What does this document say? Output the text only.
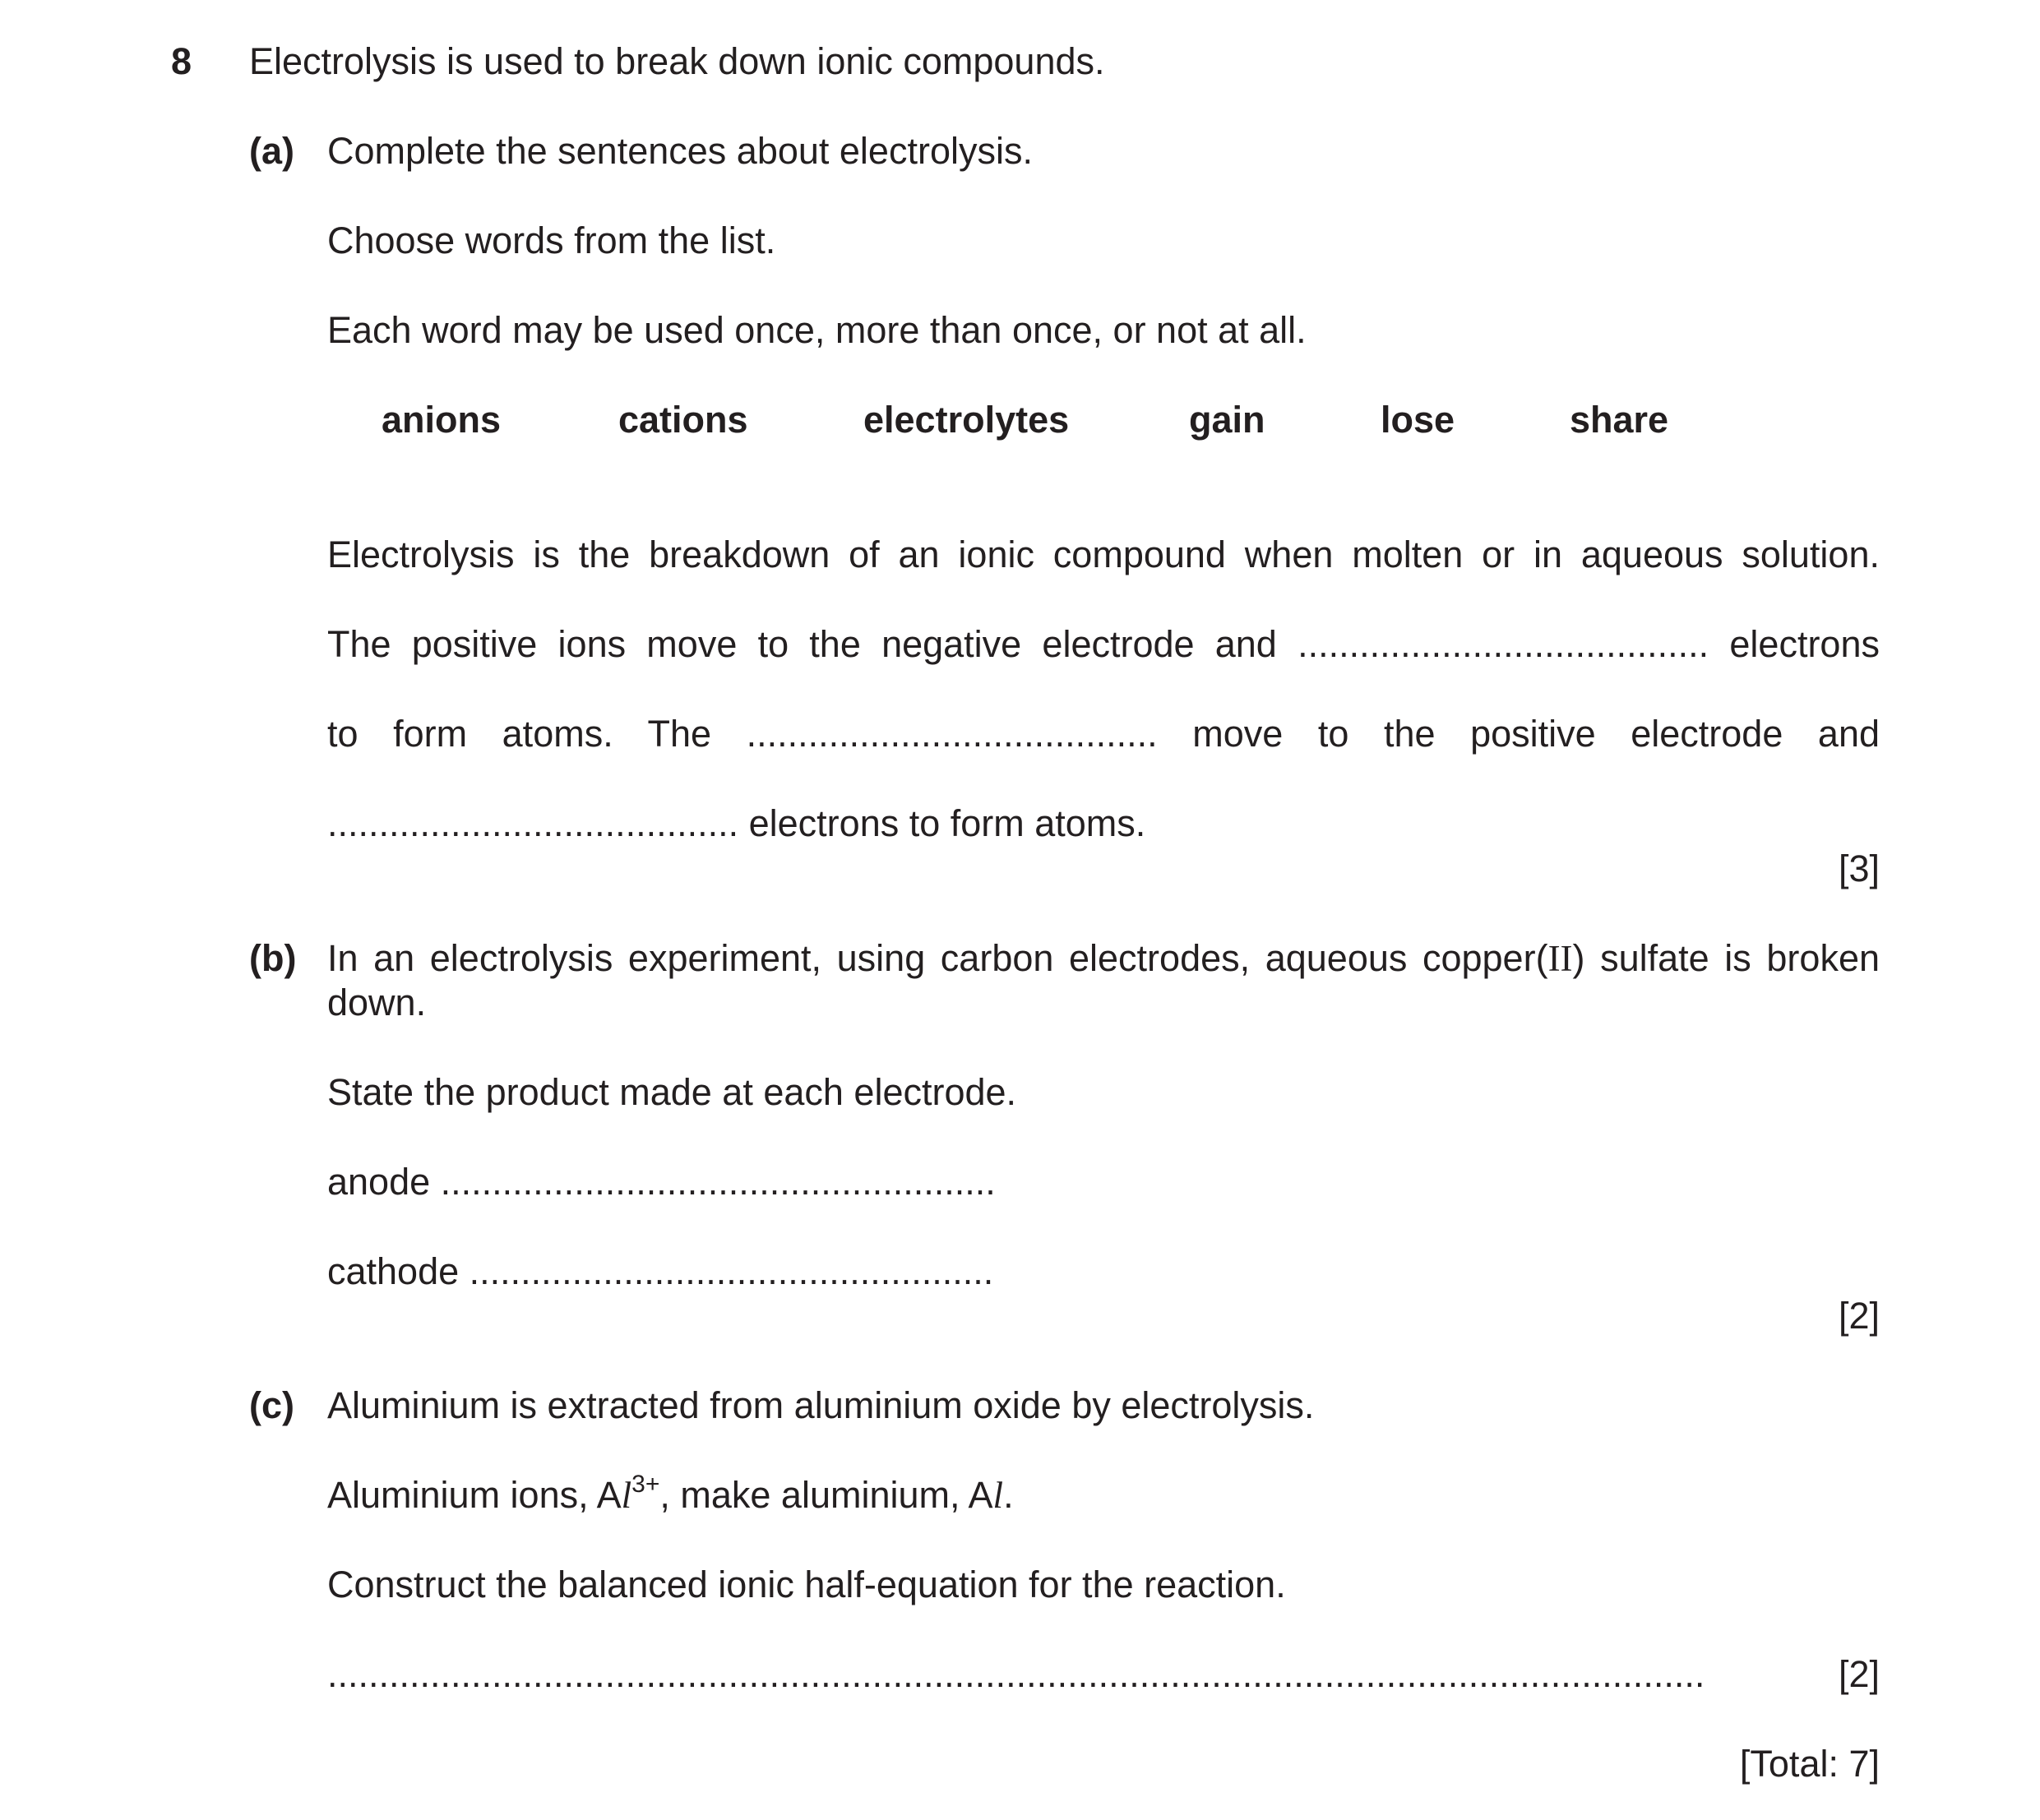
8 Electrolysis is used to break down ionic compounds.
(a) Complete the sentences about electrolysis.
Choose words from the list.
Each word may be used once, more than once, or not at all.
anions	cations	electrolytes	gain	lose	share
Electrolysis is the breakdown of an ionic compound when molten or in aqueous solution.
The positive ions move to the negative electrode and ........................................ electrons
to form atoms. The ........................................ move to the positive electrode and
........................................ electrons to form atoms.
[3]
(b) In an electrolysis experiment, using carbon electrodes, aqueous copper(II) sulfate is broken
down.
State the product made at each electrode.
anode ......................................................
cathode ...................................................
[2]
(c) Aluminium is extracted from aluminium oxide by electrolysis.
Aluminium ions, $Al^{3+}$, make aluminium, Al.
Construct the balanced ionic half-equation for the reaction.
......................................................................................................................................	[2]
[Total: 7]
